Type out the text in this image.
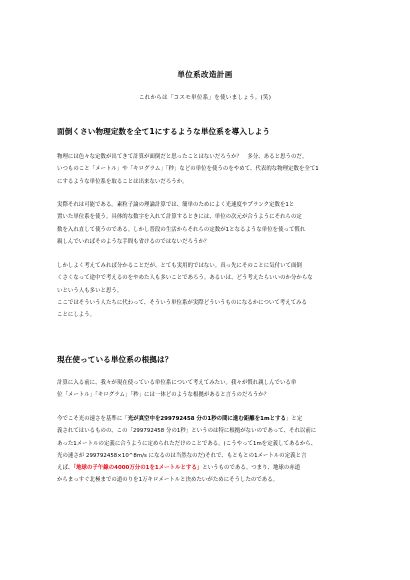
単位系改造計画
これからは「コスモ単位系」を使いましょう。(笑)
面倒くさい物理定数を全て1にするような単位系を導入しよう
物理には色々な定数が出てきて計算が面倒だと思ったことはないだろうか？　多分、あると思うのだ。
いつものこと「メートル」や「キログラム」「秒」などの単位を使うのをやめて、代表的な物理定数を全て1
にするような単位系を取ることは出来ないだろうか。
実際それは可能である。素粒子論の理論計算では、簡単のためによく光速度やプランク定数を1と
置いた単位系を使う。具体的な数字を入れて計算するときには、単位の次元が合うようにそれらの定
数を入れ直して使うのである。しかし普段の生活からそれらの定数が1となるような単位を使って慣れ
親しんでいればそのような手間も省けるのではないだろうか？
しかしよく考えてみれば分かることだが、とても実用的ではない。真っ先にそのことに気付いて面倒
くさくなって途中で考えるのをやめた人も多いことであろう。あるいは、どう考えたらいいのか分からな
いという人も多いと思う。
ここではそういう人たちに代わって、そういう単位系が実際どういうものになるかについて考えてみる
ことにしよう。
現在使っている単位系の根拠は？
計算に入る前に、我々が現在使っている単位系について考えてみたい。我々が慣れ親しんでいる単
位「メートル」「キログラム」「秒」には一体どのような根拠があると言うのだろうか？
今でこそ光の速さを基準に「光が真空中を299792458 分の1秒の間に進む距離を1mとする」と定
義されてはいるものの、この「299792458 分の1秒」というのは特に根拠がないのであって、それ以前に
あった1メートルの定義に合うように定められただけのことである。(こうやって1mを定義してあるから、
光の速さが 299792458×10^8m/s になるのは当然なのだ)それで、もともとの1メートルの定義と言
えば、「地球の子午線の4000万分の1を1メートルとする」というものである。つまり、地球の赤道
からまっすぐ北極までの道のりを1万キロメートルと決めたいがためにそうしたのである。
